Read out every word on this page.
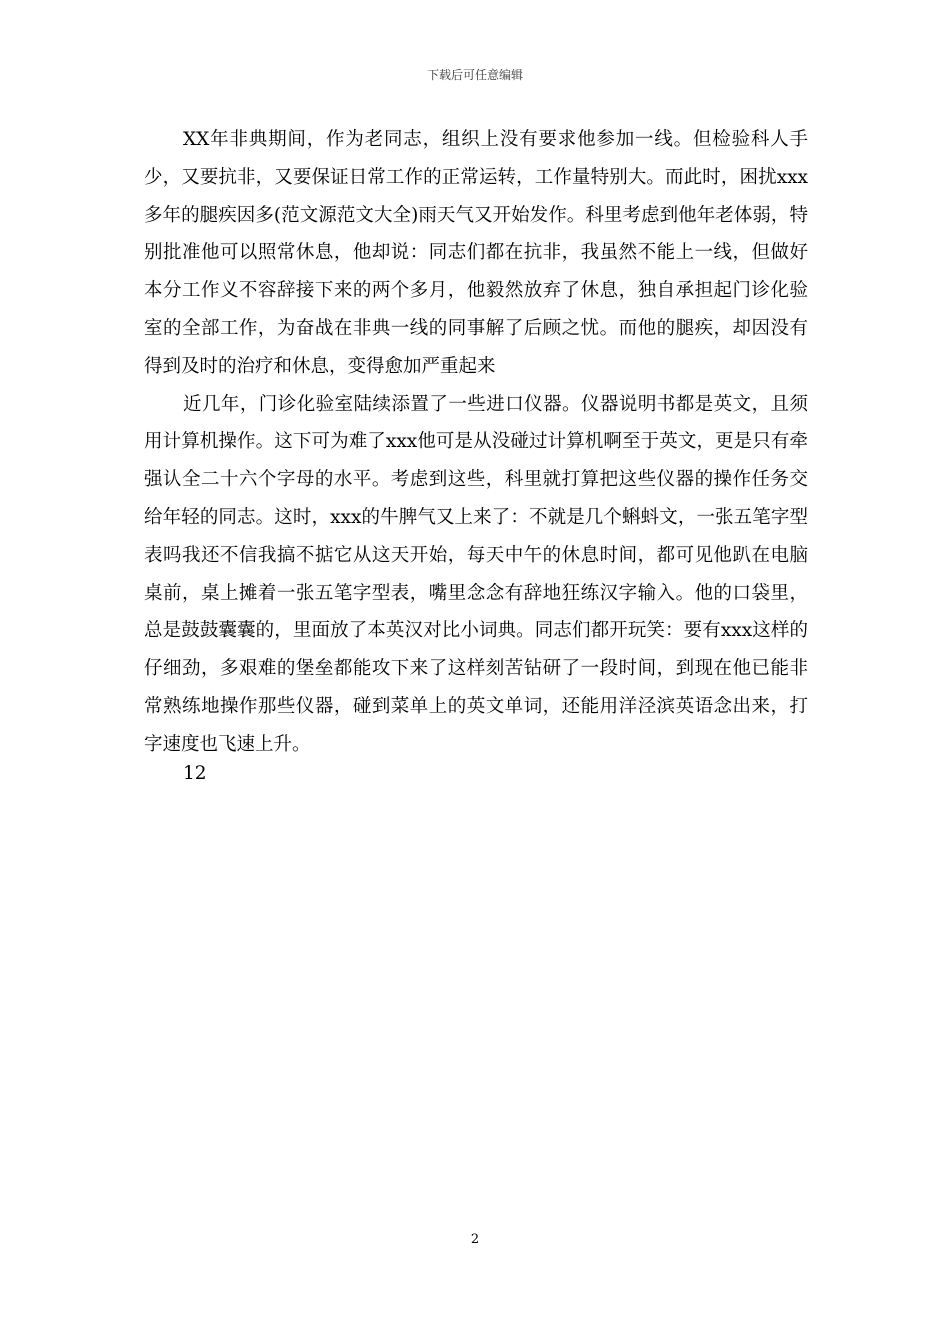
下载后可任意编辑

XX年非典期间，作为老同志，组织上没有要求他参加一线。但检验科人手少，又要抗非，又要保证日常工作的正常运转，工作量特别大。而此时，困扰xxx多年的腿疾因多(范文源范文大全)雨天气又开始发作。科里考虑到他年老体弱，特别批准他可以照常休息，他却说：同志们都在抗非，我虽然不能上一线，但做好本分工作义不容辞接下来的两个多月，他毅然放弃了休息，独自承担起门诊化验室的全部工作，为奋战在非典一线的同事解了后顾之忧。而他的腿疾，却因没有得到及时的治疗和休息，变得愈加严重起来

近几年，门诊化验室陆续添置了一些进口仪器。仪器说明书都是英文，且须用计算机操作。这下可为难了xxx他可是从没碰过计算机啊至于英文，更是只有牵强认全二十六个字母的水平。考虑到这些，科里就打算把这些仪器的操作任务交给年轻的同志。这时，xxx的牛脾气又上来了：不就是几个蝌蚪文，一张五笔字型表吗我还不信我搞不掂它从这天开始，每天中午的休息时间，都可见他趴在电脑桌前，桌上摊着一张五笔字型表，嘴里念念有辞地狂练汉字输入。他的口袋里，总是鼓鼓囊囊的，里面放了本英汉对比小词典。同志们都开玩笑：要有xxx这样的仔细劲，多艰难的堡垒都能攻下来了这样刻苦钻研了一段时间，到现在他已能非常熟练地操作那些仪器，碰到菜单上的英文单词，还能用洋泾滨英语念出来，打字速度也飞速上升。

12
2
